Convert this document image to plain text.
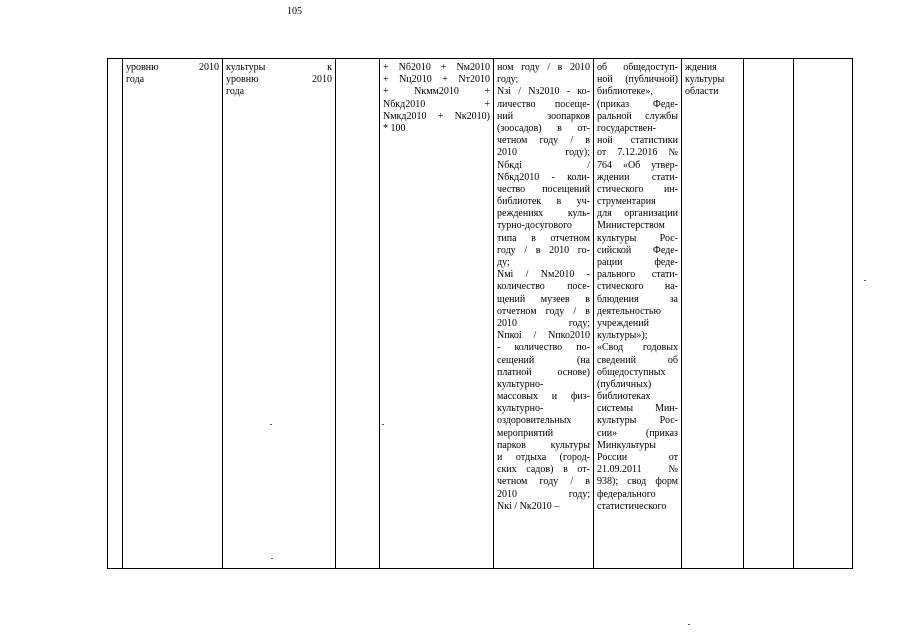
105

уровню 2010
года

культуры к
уровню 2010
года

+ Nб2010 + Nм2010
+ Nц2010 + Nт2010
+ Nкмм2010 +
Nбкд2010 +
Nмкд2010 + Nк2010)
* 100

ном году / в 2010
году;
Nзi / Nз2010 - ко-
личество посеще-
ний зоопарков
(зоосадов) в от-
четном году / в
2010 году);
Nбкдi /
Nбкд2010 - коли-
чество посещений
библиотек в уч-
реждениях куль-
турно-досугового
типа в отчетном
году / в 2010 го-
ду;
Nмi / Nм2010 -
количество посе-
щений музеев в
отчетном году / в
2010 году;
Nпкоi / Nпко2010
- количество по-
сещений (на
платной основе)
культурно-
массовых и физ-
культурно-
оздоровительных
мероприятий
парков культуры
и отдыха (город-
ских садов) в от-
четном году / в
2010 году;
Nкi / Nк2010 –

об общедоступ-
ной (публичной)
библиотеке»,
(приказ Феде-
ральной службы
государствен-
ной статистики
от 7.12.2016 №
764 «Об утвер-
ждении стати-
стического ин-
струментария
для организации
Министерством
культуры Рос-
сийской Феде-
рации феде-
рального стати-
стического на-
блюдения за
деятельностью
учреждений
культуры»);
«Свод годовых
сведений об
общедоступных
(публичных)
библиотеках
системы Мин-
культуры Рос-
сии» (приказ
Минкультуры
России от
21.09.2011 №
938); свод форм
федерального
статистического

ждения
культуры
области
